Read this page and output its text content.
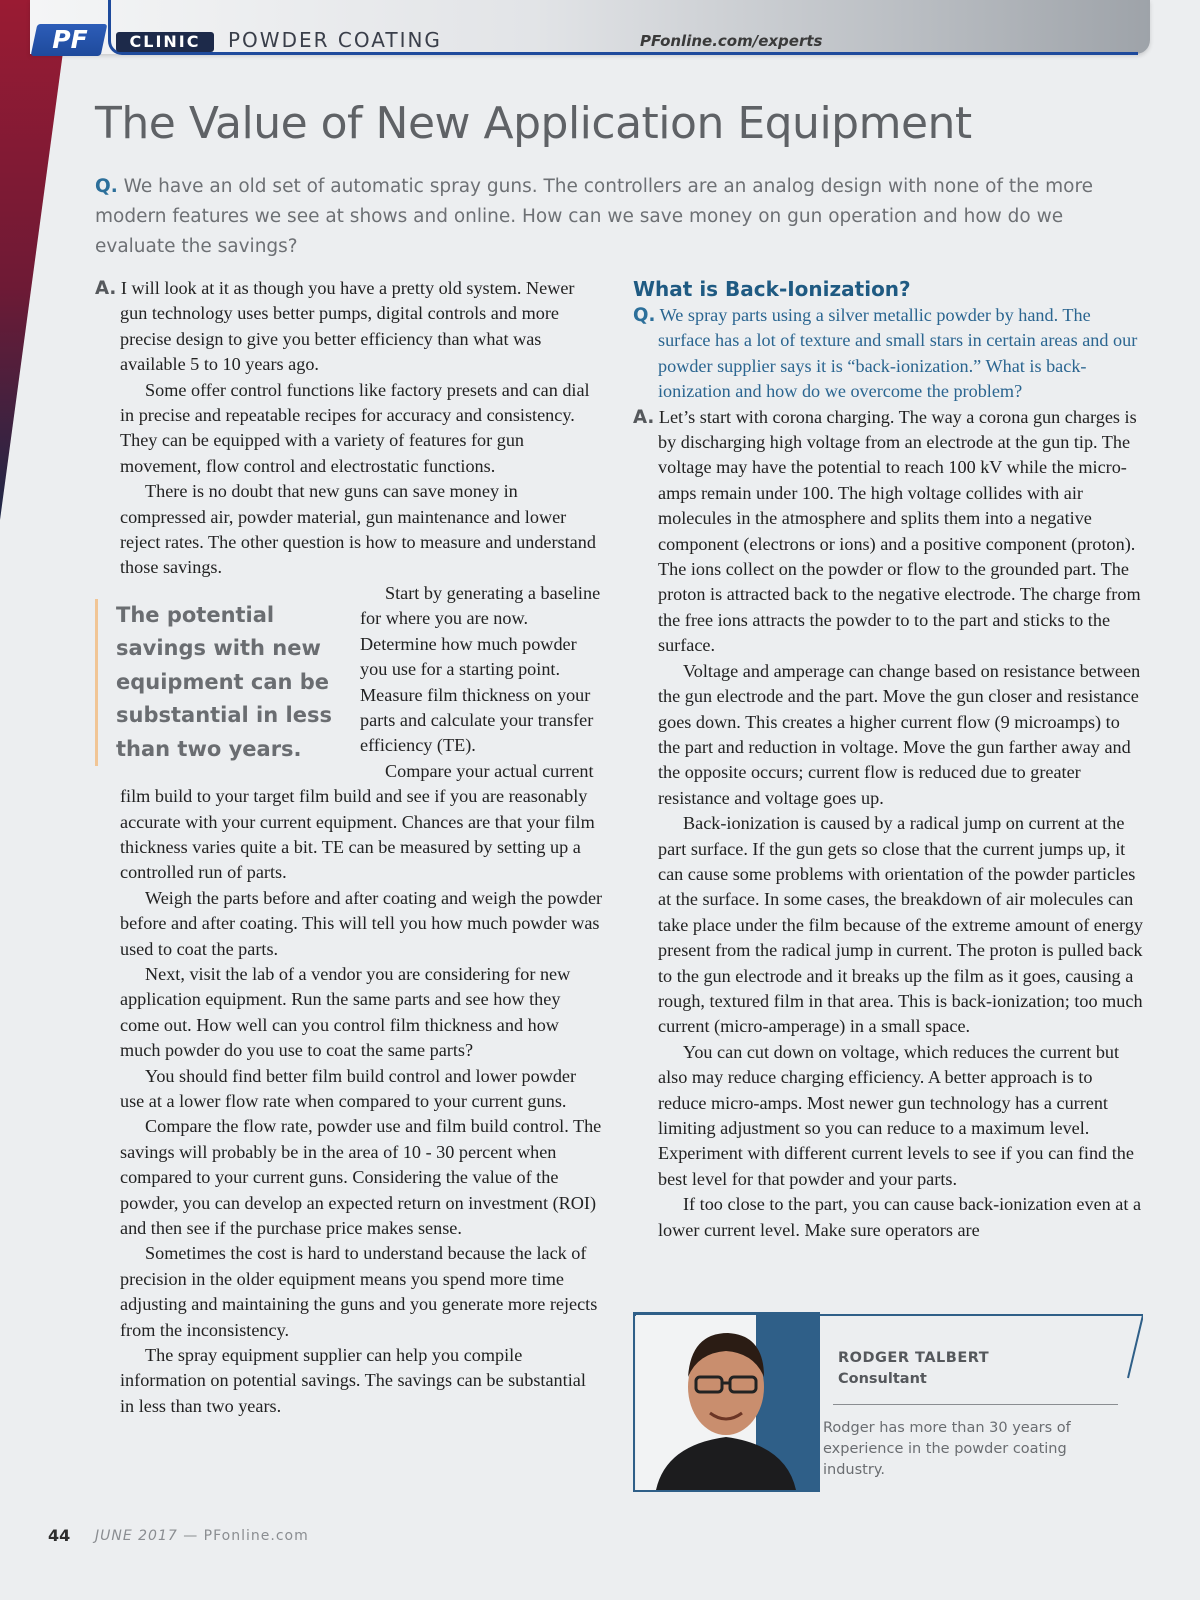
PF	CLINIC	POWDER COATING	PFonline.com/experts
The Value of New Application Equipment

Q. We have an old set of automatic spray guns. The controllers are an analog design with none of the more modern features we see at shows and online. How can we save money on gun operation and how do we evaluate the savings?

A. I will look at it as though you have a pretty old system. Newer gun technology uses better pumps, digital controls and more precise design to give you better efficiency than what was available 5 to 10 years ago.

Some offer control functions like factory presets and can dial in precise and repeatable recipes for accuracy and consistency. They can be equipped with a variety of features for gun movement, flow control and electrostatic functions.

There is no doubt that new guns can save money in compressed air, powder material, gun maintenance and lower reject rates. The other question is how to measure and understand those savings.

The potential savings with new equipment can be substantial in less than two years.

Start by generating a baseline for where you are now. Determine how much powder you use for a starting point. Measure film thickness on your parts and calculate your transfer efficiency (TE).

Compare your actual current film build to your target film build and see if you are reasonably accurate with your current equipment. Chances are that your film thickness varies quite a bit. TE can be measured by setting up a controlled run of parts.

Weigh the parts before and after coating and weigh the powder before and after coating. This will tell you how much powder was used to coat the parts.

Next, visit the lab of a vendor you are considering for new application equipment. Run the same parts and see how they come out. How well can you control film thickness and how much powder do you use to coat the same parts?

You should find better film build control and lower powder use at a lower flow rate when compared to your current guns.

Compare the flow rate, powder use and film build control. The savings will probably be in the area of 10 - 30 percent when compared to your current guns. Considering the value of the powder, you can develop an expected return on investment (ROI) and then see if the purchase price makes sense.

Sometimes the cost is hard to understand because the lack of precision in the older equipment means you spend more time adjusting and maintaining the guns and you generate more rejects from the inconsistency.

The spray equipment supplier can help you compile information on potential savings. The savings can be substantial in less than two years.

What is Back-Ionization?

Q. We spray parts using a silver metallic powder by hand. The surface has a lot of texture and small stars in certain areas and our powder supplier says it is “back-ionization.” What is back-ionization and how do we overcome the problem?

A. Let’s start with corona charging. The way a corona gun charges is by discharging high voltage from an electrode at the gun tip. The voltage may have the potential to reach 100 kV while the micro-amps remain under 100. The high voltage collides with air molecules in the atmosphere and splits them into a negative component (electrons or ions) and a positive component (proton). The ions collect on the powder or flow to the grounded part. The proton is attracted back to the negative electrode. The charge from the free ions attracts the powder to to the part and sticks to the surface.

Voltage and amperage can change based on resistance between the gun electrode and the part. Move the gun closer and resistance goes down. This creates a higher current flow (9 microamps) to the part and reduction in voltage. Move the gun farther away and the opposite occurs; current flow is reduced due to greater resistance and voltage goes up.

Back-ionization is caused by a radical jump on current at the part surface. If the gun gets so close that the current jumps up, it can cause some problems with orientation of the powder particles at the surface. In some cases, the breakdown of air molecules can take place under the film because of the extreme amount of energy present from the radical jump in current. The proton is pulled back to the gun electrode and it breaks up the film as it goes, causing a rough, textured film in that area. This is back-ionization; too much current (micro-amperage) in a small space.

You can cut down on voltage, which reduces the current but also may reduce charging efficiency. A better approach is to reduce micro-amps. Most newer gun technology has a current limiting adjustment so you can reduce to a maximum level. Experiment with different current levels to see if you can find the best level for that powder and your parts.

If too close to the part, you can cause back-ionization even at a lower current level. Make sure operators are

RODGER TALBERT

Consultant

Rodger has more than 30 years of experience in the powder coating industry.

44 JUNE 2017 — PFonline.com
